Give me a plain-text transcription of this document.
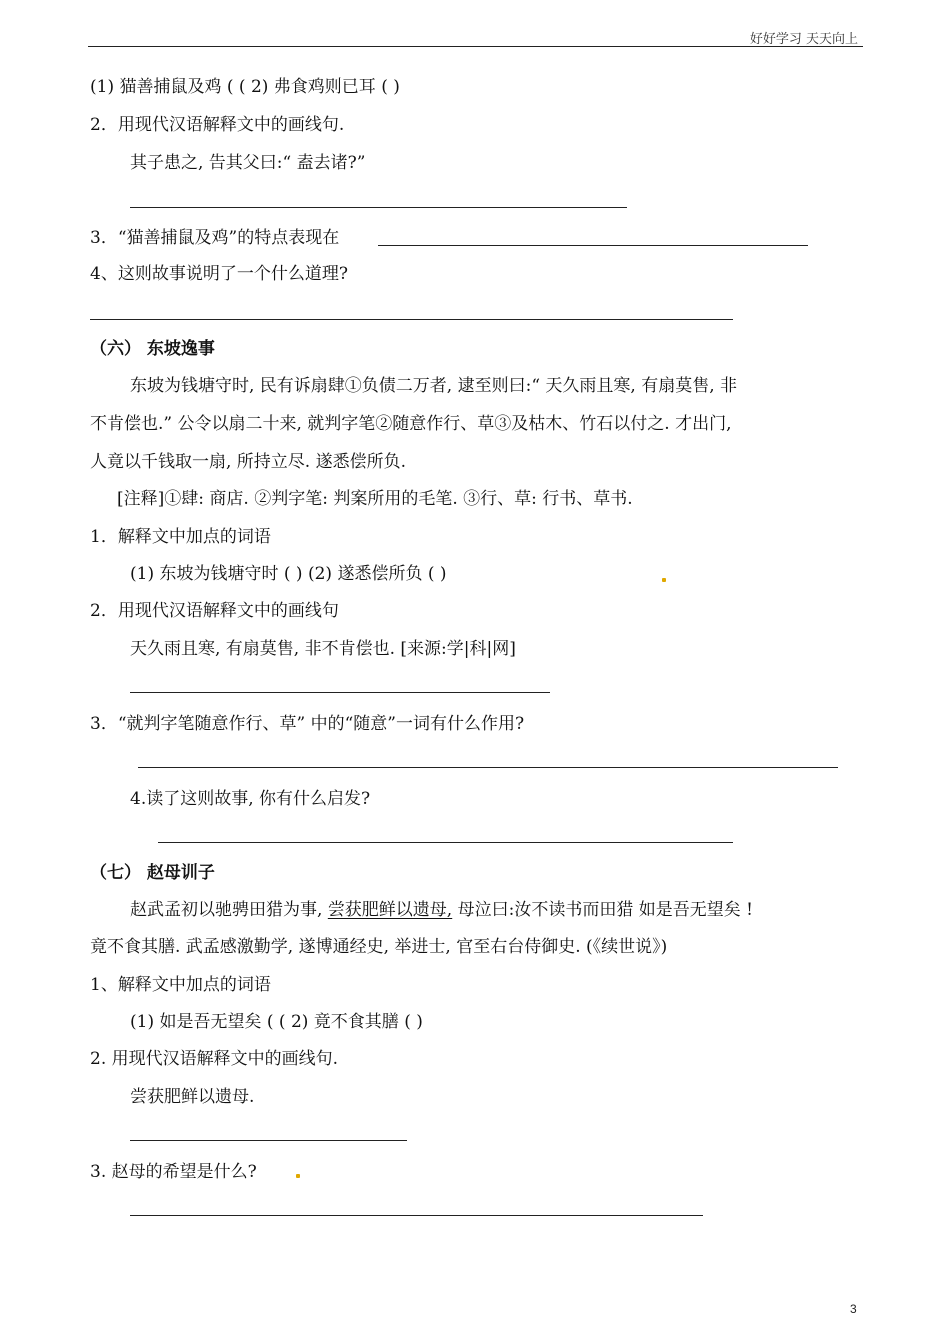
好好学习 天天向上
(1) 猫善捕鼠及鸡 ( ( 2) 弗食鸡则已耳 ( )
2．用现代汉语解释文中的画线句.
其子患之, 告其父曰:“ 盍去诸?”
3．“猫善捕鼠及鸡”的特点表现在
4、这则故事说明了一个什么道理?
（六） 东坡逸事
东坡为钱塘守时, 民有诉扇肆①负债二万者, 逮至则曰:“ 天久雨且寒, 有扇莫售, 非
不肯偿也.” 公令以扇二十来, 就判字笔②随意作行、草③及枯木、竹石以付之. 才出门,
人竟以千钱取一扇, 所持立尽. 遂悉偿所负.
[注释]①肆: 商店. ②判字笔: 判案所用的毛笔. ③行、草: 行书、草书.
1．解释文中加点的词语
(1) 东坡为钱塘守时 ( ) (2) 遂悉偿所负 ( )
2．用现代汉语解释文中的画线句
天久雨且寒, 有扇莫售, 非不肯偿也. [来源:学|科|网]
3．“就判字笔随意作行、草” 中的“随意”一词有什么作用?
4.读了这则故事, 你有什么启发?
（七） 赵母训子
赵武孟初以驰骋田猎为事, 尝获肥鲜以遗母, 母泣曰:汝不读书而田猎 如是吾无望矣 !
竟不食其膳. 武孟感激勤学, 遂博通经史, 举进士, 官至右台侍御史. (《续世说》)
1、解释文中加点的词语
(1) 如是吾无望矣 ( ( 2) 竟不食其膳 ( )
2. 用现代汉语解释文中的画线句.
尝获肥鲜以遗母.
3. 赵母的希望是什么?
3
